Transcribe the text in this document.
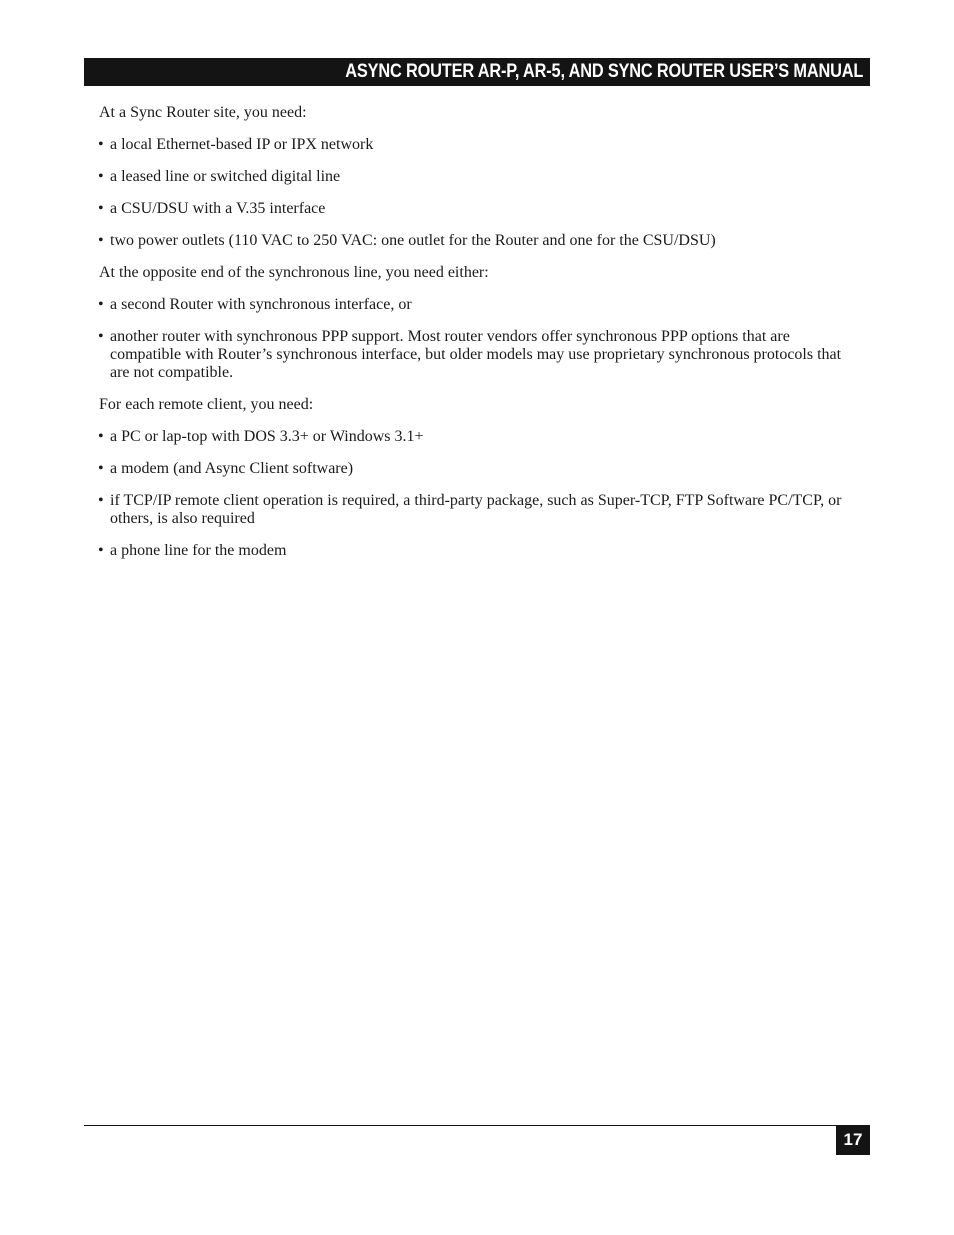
ASYNC ROUTER AR-P, AR-5, AND SYNC ROUTER USER’S MANUAL

At a Sync Router site, you need:

• a local Ethernet-based IP or IPX network
• a leased line or switched digital line
• a CSU/DSU with a V.35 interface
• two power outlets (110 VAC to 250 VAC: one outlet for the Router and one for the CSU/DSU)

At the opposite end of the synchronous line, you need either:

• a second Router with synchronous interface, or
• another router with synchronous PPP support. Most router vendors offer synchronous PPP options that are compatible with Router’s synchronous interface, but older models may use proprietary synchronous protocols that are not compatible.

For each remote client, you need:

• a PC or lap-top with DOS 3.3+ or Windows 3.1+
• a modem (and Async Client software)
• if TCP/IP remote client operation is required, a third-party package, such as Super-TCP, FTP Software PC/TCP, or others, is also required
• a phone line for the modem
17
